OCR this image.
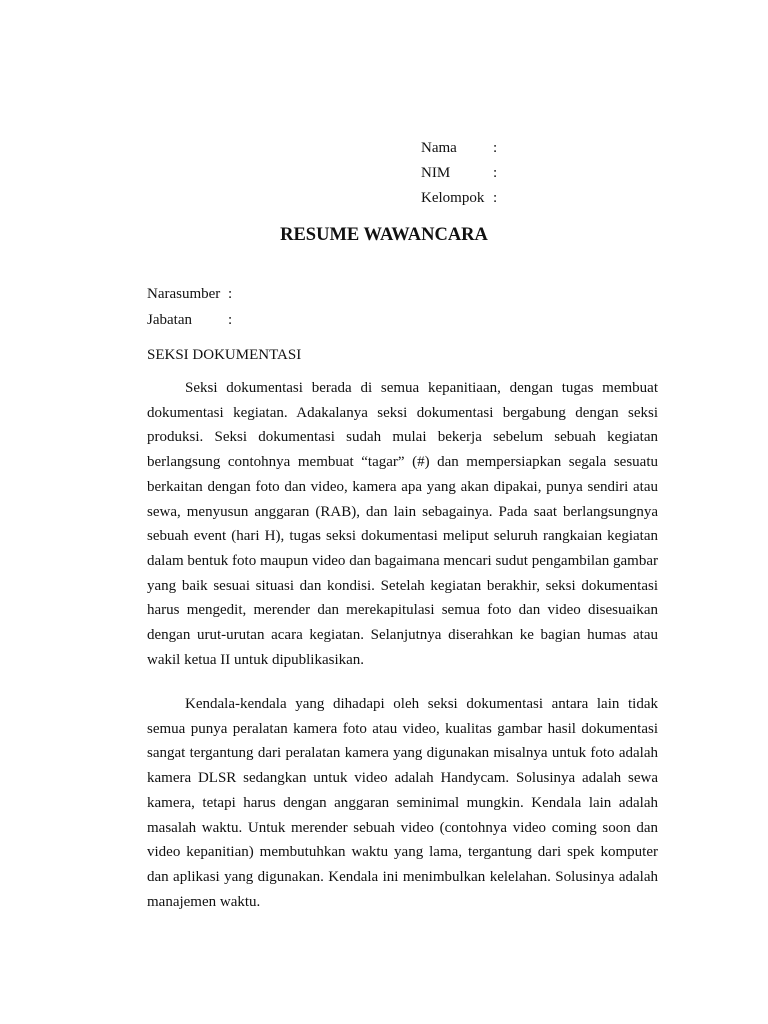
Nama	:
NIM	:
Kelompok :
RESUME WAWANCARA
Narasumber :
Jabatan	:
SEKSI DOKUMENTASI

Seksi dokumentasi berada di semua kepanitiaan, dengan tugas membuat dokumentasi kegiatan. Adakalanya seksi dokumentasi bergabung dengan seksi produksi. Seksi dokumentasi sudah mulai bekerja sebelum sebuah kegiatan berlangsung contohnya membuat “tagar” (#) dan mempersiapkan segala sesuatu berkaitan dengan foto dan video, kamera apa yang akan dipakai, punya sendiri atau sewa, menyusun anggaran (RAB), dan lain sebagainya. Pada saat berlangsungnya sebuah event (hari H), tugas seksi dokumentasi meliput seluruh rangkaian kegiatan dalam bentuk foto maupun video dan bagaimana mencari sudut pengambilan gambar yang baik sesuai situasi dan kondisi. Setelah kegiatan berakhir, seksi dokumentasi harus mengedit, merender dan merekapitulasi semua foto dan video disesuaikan dengan urut-urutan acara kegiatan. Selanjutnya diserahkan ke bagian humas atau wakil ketua II untuk dipublikasikan.

Kendala-kendala yang dihadapi oleh seksi dokumentasi antara lain tidak semua punya peralatan kamera foto atau video, kualitas gambar hasil dokumentasi sangat tergantung dari peralatan kamera yang digunakan misalnya untuk foto adalah kamera DLSR sedangkan untuk video adalah Handycam. Solusinya adalah sewa kamera, tetapi harus dengan anggaran seminimal mungkin. Kendala lain adalah masalah waktu. Untuk merender sebuah video (contohnya video coming soon dan video kepanitian) membutuhkan waktu yang lama, tergantung dari spek komputer dan aplikasi yang digunakan. Kendala ini menimbulkan kelelahan. Solusinya adalah manajemen waktu.
